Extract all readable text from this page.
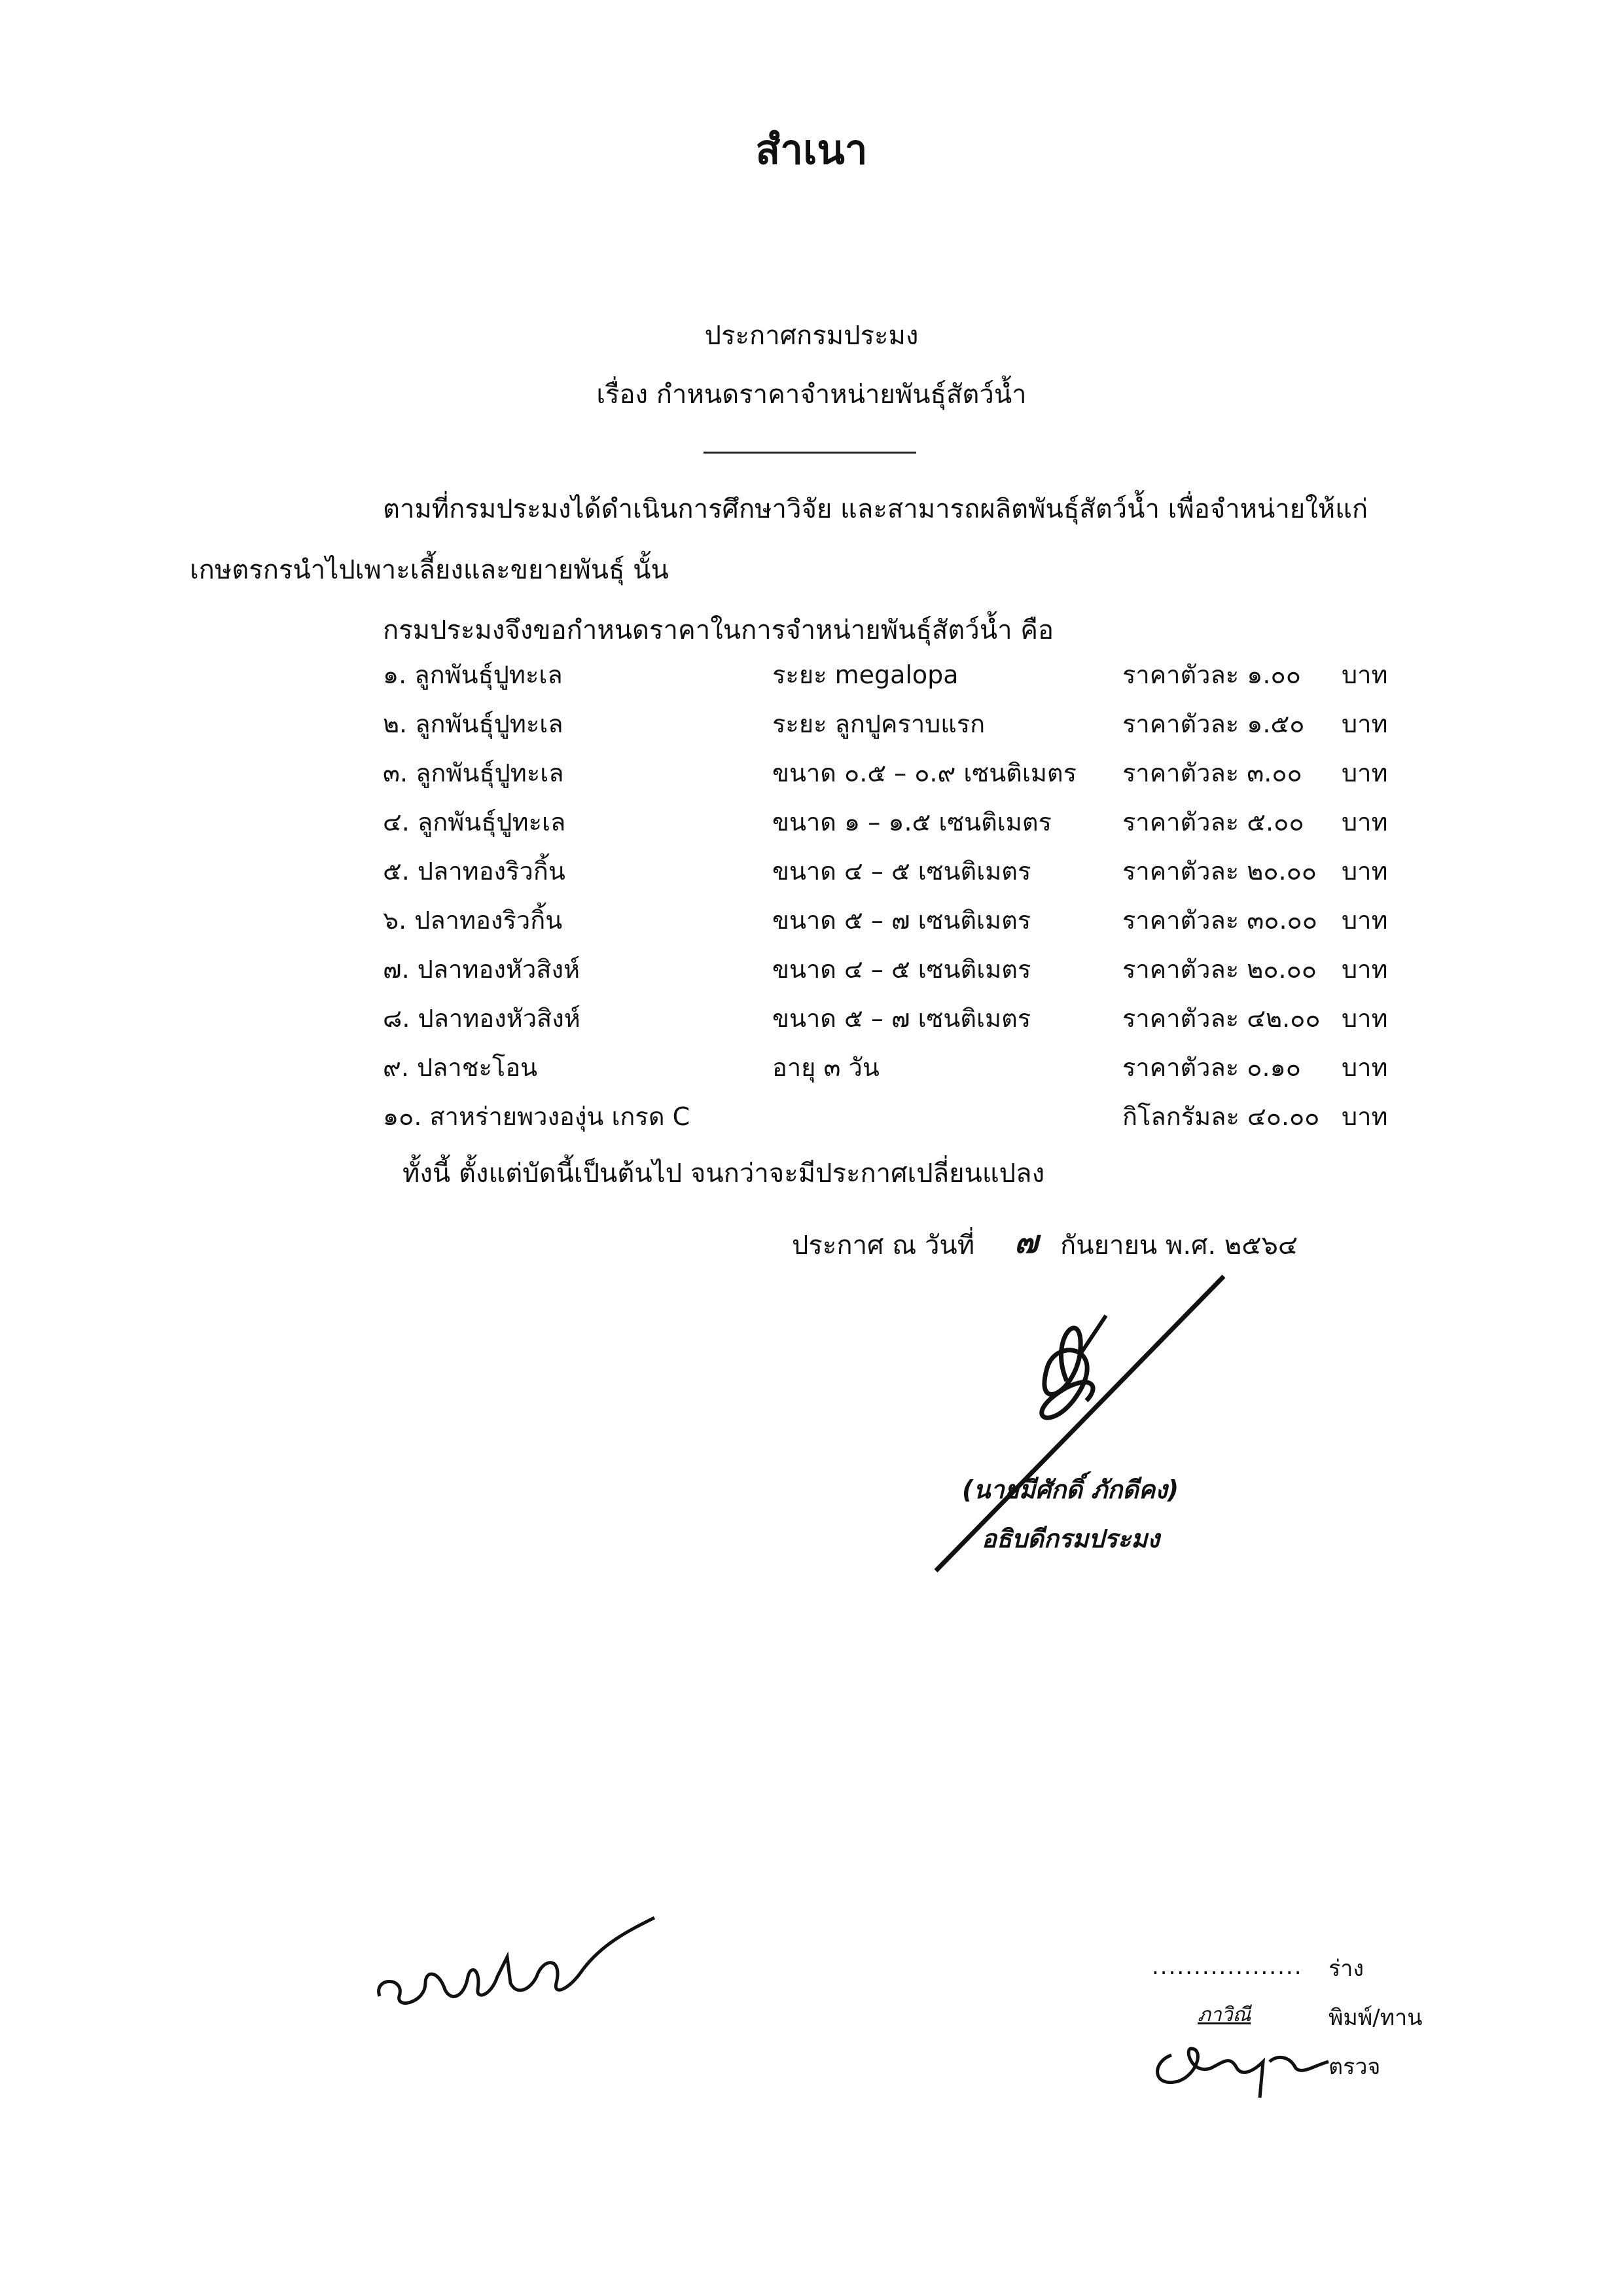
สำเนา
ประกาศกรมประมง
เรื่อง กำหนดราคาจำหน่ายพันธุ์สัตว์น้ำ
ตามที่กรมประมงได้ดำเนินการศึกษาวิจัย และสามารถผลิตพันธุ์สัตว์น้ำ เพื่อจำหน่ายให้แก่
เกษตรกรนำไปเพาะเลี้ยงและขยายพันธุ์ นั้น
กรมประมงจึงขอกำหนดราคาในการจำหน่ายพันธุ์สัตว์น้ำ คือ
๑. ลูกพันธุ์ปูทะเล	ระยะ megalopa	ราคาตัวละ ๑.๐๐ บาท
๒. ลูกพันธุ์ปูทะเล	ระยะ ลูกปูคราบแรก	ราคาตัวละ ๑.๕๐ บาท
๓. ลูกพันธุ์ปูทะเล	ขนาด ๐.๕ – ๐.๙ เซนติเมตร ราคาตัวละ ๓.๐๐ บาท
๔. ลูกพันธุ์ปูทะเล	ขนาด ๑ – ๑.๕ เซนติเมตร	ราคาตัวละ ๕.๐๐ บาท
๕. ปลาทองริวกิ้น	ขนาด ๔ – ๕ เซนติเมตร	ราคาตัวละ ๒๐.๐๐ บาท
๖. ปลาทองริวกิ้น	ขนาด ๕ – ๗ เซนติเมตร	ราคาตัวละ ๓๐.๐๐ บาท
๗. ปลาทองหัวสิงห์	ขนาด ๔ – ๕ เซนติเมตร	ราคาตัวละ ๒๐.๐๐ บาท
๘. ปลาทองหัวสิงห์	ขนาด ๕ – ๗ เซนติเมตร	ราคาตัวละ ๔๒.๐๐ บาท
๙. ปลาชะโอน	อายุ ๓ วัน	ราคาตัวละ ๐.๑๐ บาท
๑๐. สาหร่ายพวงองุ่น เกรด C	กิโลกรัมละ ๔๐.๐๐ บาท
ทั้งนี้ ตั้งแต่บัดนี้เป็นต้นไป จนกว่าจะมีประกาศเปลี่ยนแปลง
ประกาศ ณ วันที่ ๗ กันยายน พ.ศ. ๒๕๖๔
(นายมีศักดิ์ ภักดีคง)
อธิบดีกรมประมง
.................. ร่าง
ภาวิณี	พิมพ์/ทาน
ตรวจ
